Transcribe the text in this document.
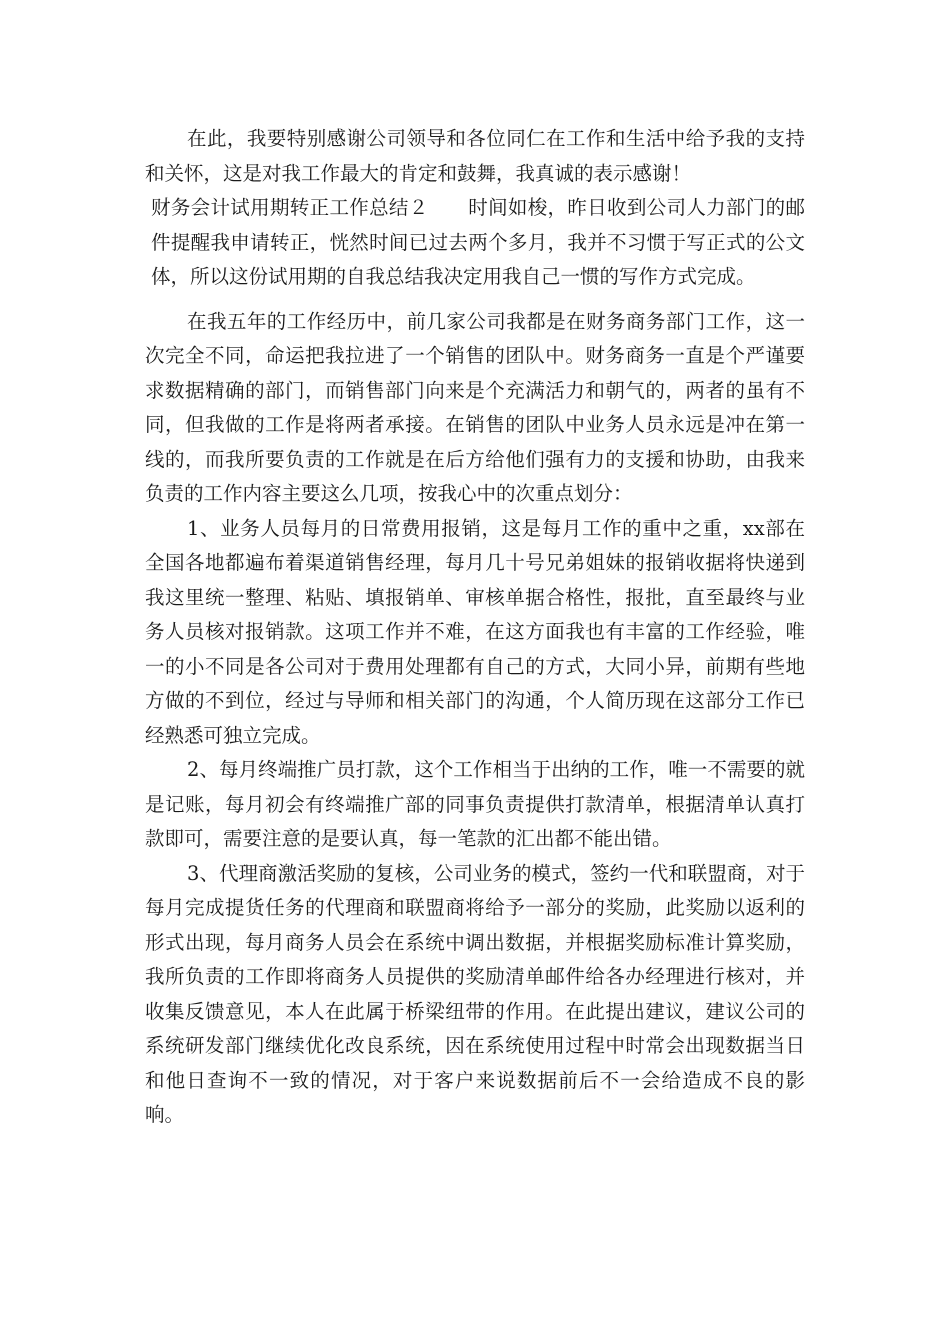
在此，我要特别感谢公司领导和各位同仁在工作和生活中给予我的支持和关怀，这是对我工作最大的肯定和鼓舞，我真诚的表示感谢！

财务会计试用期转正工作总结２　　时间如梭，昨日收到公司人力部门的邮件提醒我申请转正，恍然时间已过去两个多月，我并不习惯于写正式的公文体，所以这份试用期的自我总结我决定用我自己一惯的写作方式完成。

在我五年的工作经历中，前几家公司我都是在财务商务部门工作，这一次完全不同，命运把我拉进了一个销售的团队中。财务商务一直是个严谨要求数据精确的部门，而销售部门向来是个充满活力和朝气的，两者的虽有不同，但我做的工作是将两者承接。在销售的团队中业务人员永远是冲在第一线的，而我所要负责的工作就是在后方给他们强有力的支援和协助，由我来负责的工作内容主要这么几项，按我心中的次重点划分：

1、业务人员每月的日常费用报销，这是每月工作的重中之重，xx部在全国各地都遍布着渠道销售经理，每月几十号兄弟姐妹的报销收据将快递到我这里统一整理、粘贴、填报销单、审核单据合格性，报批，直至最终与业务人员核对报销款。这项工作并不难，在这方面我也有丰富的工作经验，唯一的小不同是各公司对于费用处理都有自己的方式，大同小异，前期有些地方做的不到位，经过与导师和相关部门的沟通，个人简历现在这部分工作已经熟悉可独立完成。

2、每月终端推广员打款，这个工作相当于出纳的工作，唯一不需要的就是记账，每月初会有终端推广部的同事负责提供打款清单，根据清单认真打款即可，需要注意的是要认真，每一笔款的汇出都不能出错。

3、代理商激活奖励的复核，公司业务的模式，签约一代和联盟商，对于每月完成提货任务的代理商和联盟商将给予一部分的奖励，此奖励以返利的形式出现，每月商务人员会在系统中调出数据，并根据奖励标准计算奖励，我所负责的工作即将商务人员提供的奖励清单邮件给各办经理进行核对，并收集反馈意见，本人在此属于桥梁纽带的作用。在此提出建议，建议公司的系统研发部门继续优化改良系统，因在系统使用过程中时常会出现数据当日和他日查询不一致的情况，对于客户来说数据前后不一会给造成不良的影响。
